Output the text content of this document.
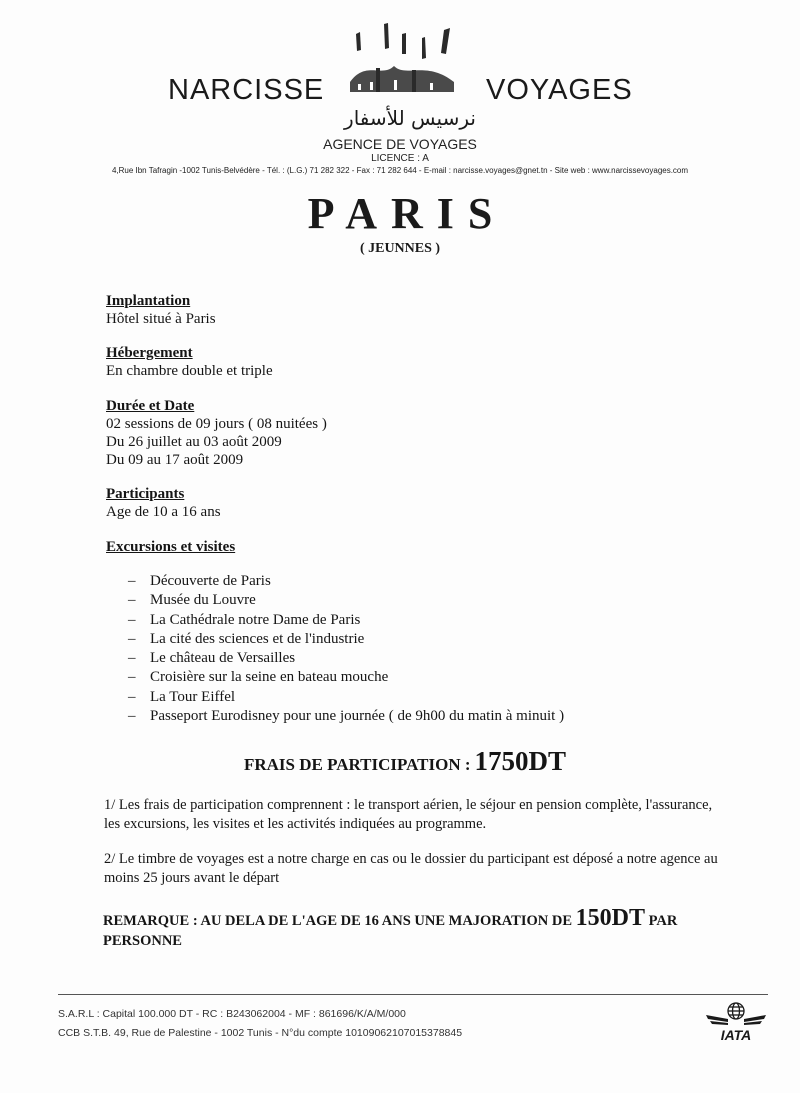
NARCISSE	VOYAGES
نرسيس للأسفار
AGENCE DE VOYAGES
LICENCE : A
4,Rue Ibn Tafragin -1002 Tunis-Belvédère - Tél. : (L.G.) 71 282 322 - Fax : 71 282 644 - E-mail : narcisse.voyages@gnet.tn - Site web : www.narcissevoyages.com
PARIS
( JEUNNES )
Implantation
Hôtel situé à Paris
Hébergement
En chambre double et triple
Durée et Date
02 sessions de 09 jours ( 08 nuitées )
Du 26 juillet au 03 août 2009
Du 09 au 17 août 2009
Participants
Age de 10 a 16 ans
Excursions et visites
– Découverte de Paris
– Musée du Louvre
– La Cathédrale notre Dame de Paris
– La cité des sciences et de l'industrie
– Le château de Versailles
– Croisière sur la seine en bateau mouche
– La Tour Eiffel
– Passeport Eurodisney pour une journée ( de 9h00 du matin à minuit )
FRAIS DE PARTICIPATION : 1750DT
1/ Les frais de participation comprennent : le transport aérien, le séjour en pension complète, l'assurance, les excursions, les visites et les activités indiquées au programme.
2/ Le timbre de voyages est a notre charge en cas ou le dossier du participant est déposé a notre agence au moins 25 jours avant le départ
REMARQUE : AU DELA DE L'AGE DE 16 ANS UNE MAJORATION DE 150DT PAR PERSONNE
S.A.R.L : Capital 100.000 DT - RC : B243062004 - MF : 861696/K/A/M/000
CCB S.T.B. 49, Rue de Palestine - 1002 Tunis - N°du compte 10109062107015378845	IATA
